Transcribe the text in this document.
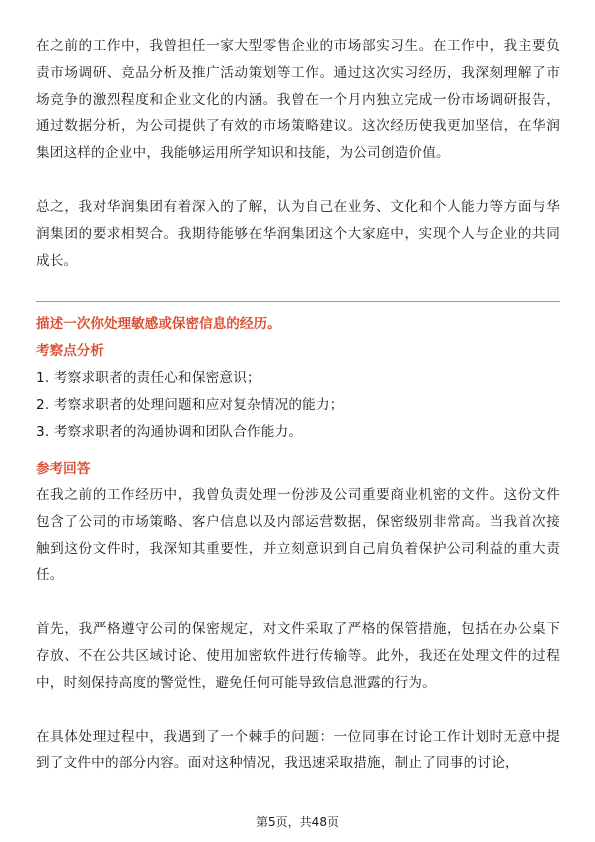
在之前的工作中，我曾担任一家大型零售企业的市场部实习生。在工作中，我主要负责市场调研、竞品分析及推广活动策划等工作。通过这次实习经历，我深刻理解了市场竞争的激烈程度和企业文化的内涵。我曾在一个月内独立完成一份市场调研报告，通过数据分析，为公司提供了有效的市场策略建议。这次经历使我更加坚信，在华润集团这样的企业中，我能够运用所学知识和技能，为公司创造价值。

总之，我对华润集团有着深入的了解，认为自己在业务、文化和个人能力等方面与华润集团的要求相契合。我期待能够在华润集团这个大家庭中，实现个人与企业的共同成长。

描述一次你处理敏感或保密信息的经历。

考察点分析

1. 考察求职者的责任心和保密意识；
2. 考察求职者的处理问题和应对复杂情况的能力；
3. 考察求职者的沟通协调和团队合作能力。

参考回答

在我之前的工作经历中，我曾负责处理一份涉及公司重要商业机密的文件。这份文件包含了公司的市场策略、客户信息以及内部运营数据，保密级别非常高。当我首次接触到这份文件时，我深知其重要性，并立刻意识到自己肩负着保护公司利益的重大责任。

首先，我严格遵守公司的保密规定，对文件采取了严格的保管措施，包括在办公桌下存放、不在公共区域讨论、使用加密软件进行传输等。此外，我还在处理文件的过程中，时刻保持高度的警觉性，避免任何可能导致信息泄露的行为。

在具体处理过程中，我遇到了一个棘手的问题：一位同事在讨论工作计划时无意中提到了文件中的部分内容。面对这种情况，我迅速采取措施，制止了同事的讨论，

第5页，共48页
